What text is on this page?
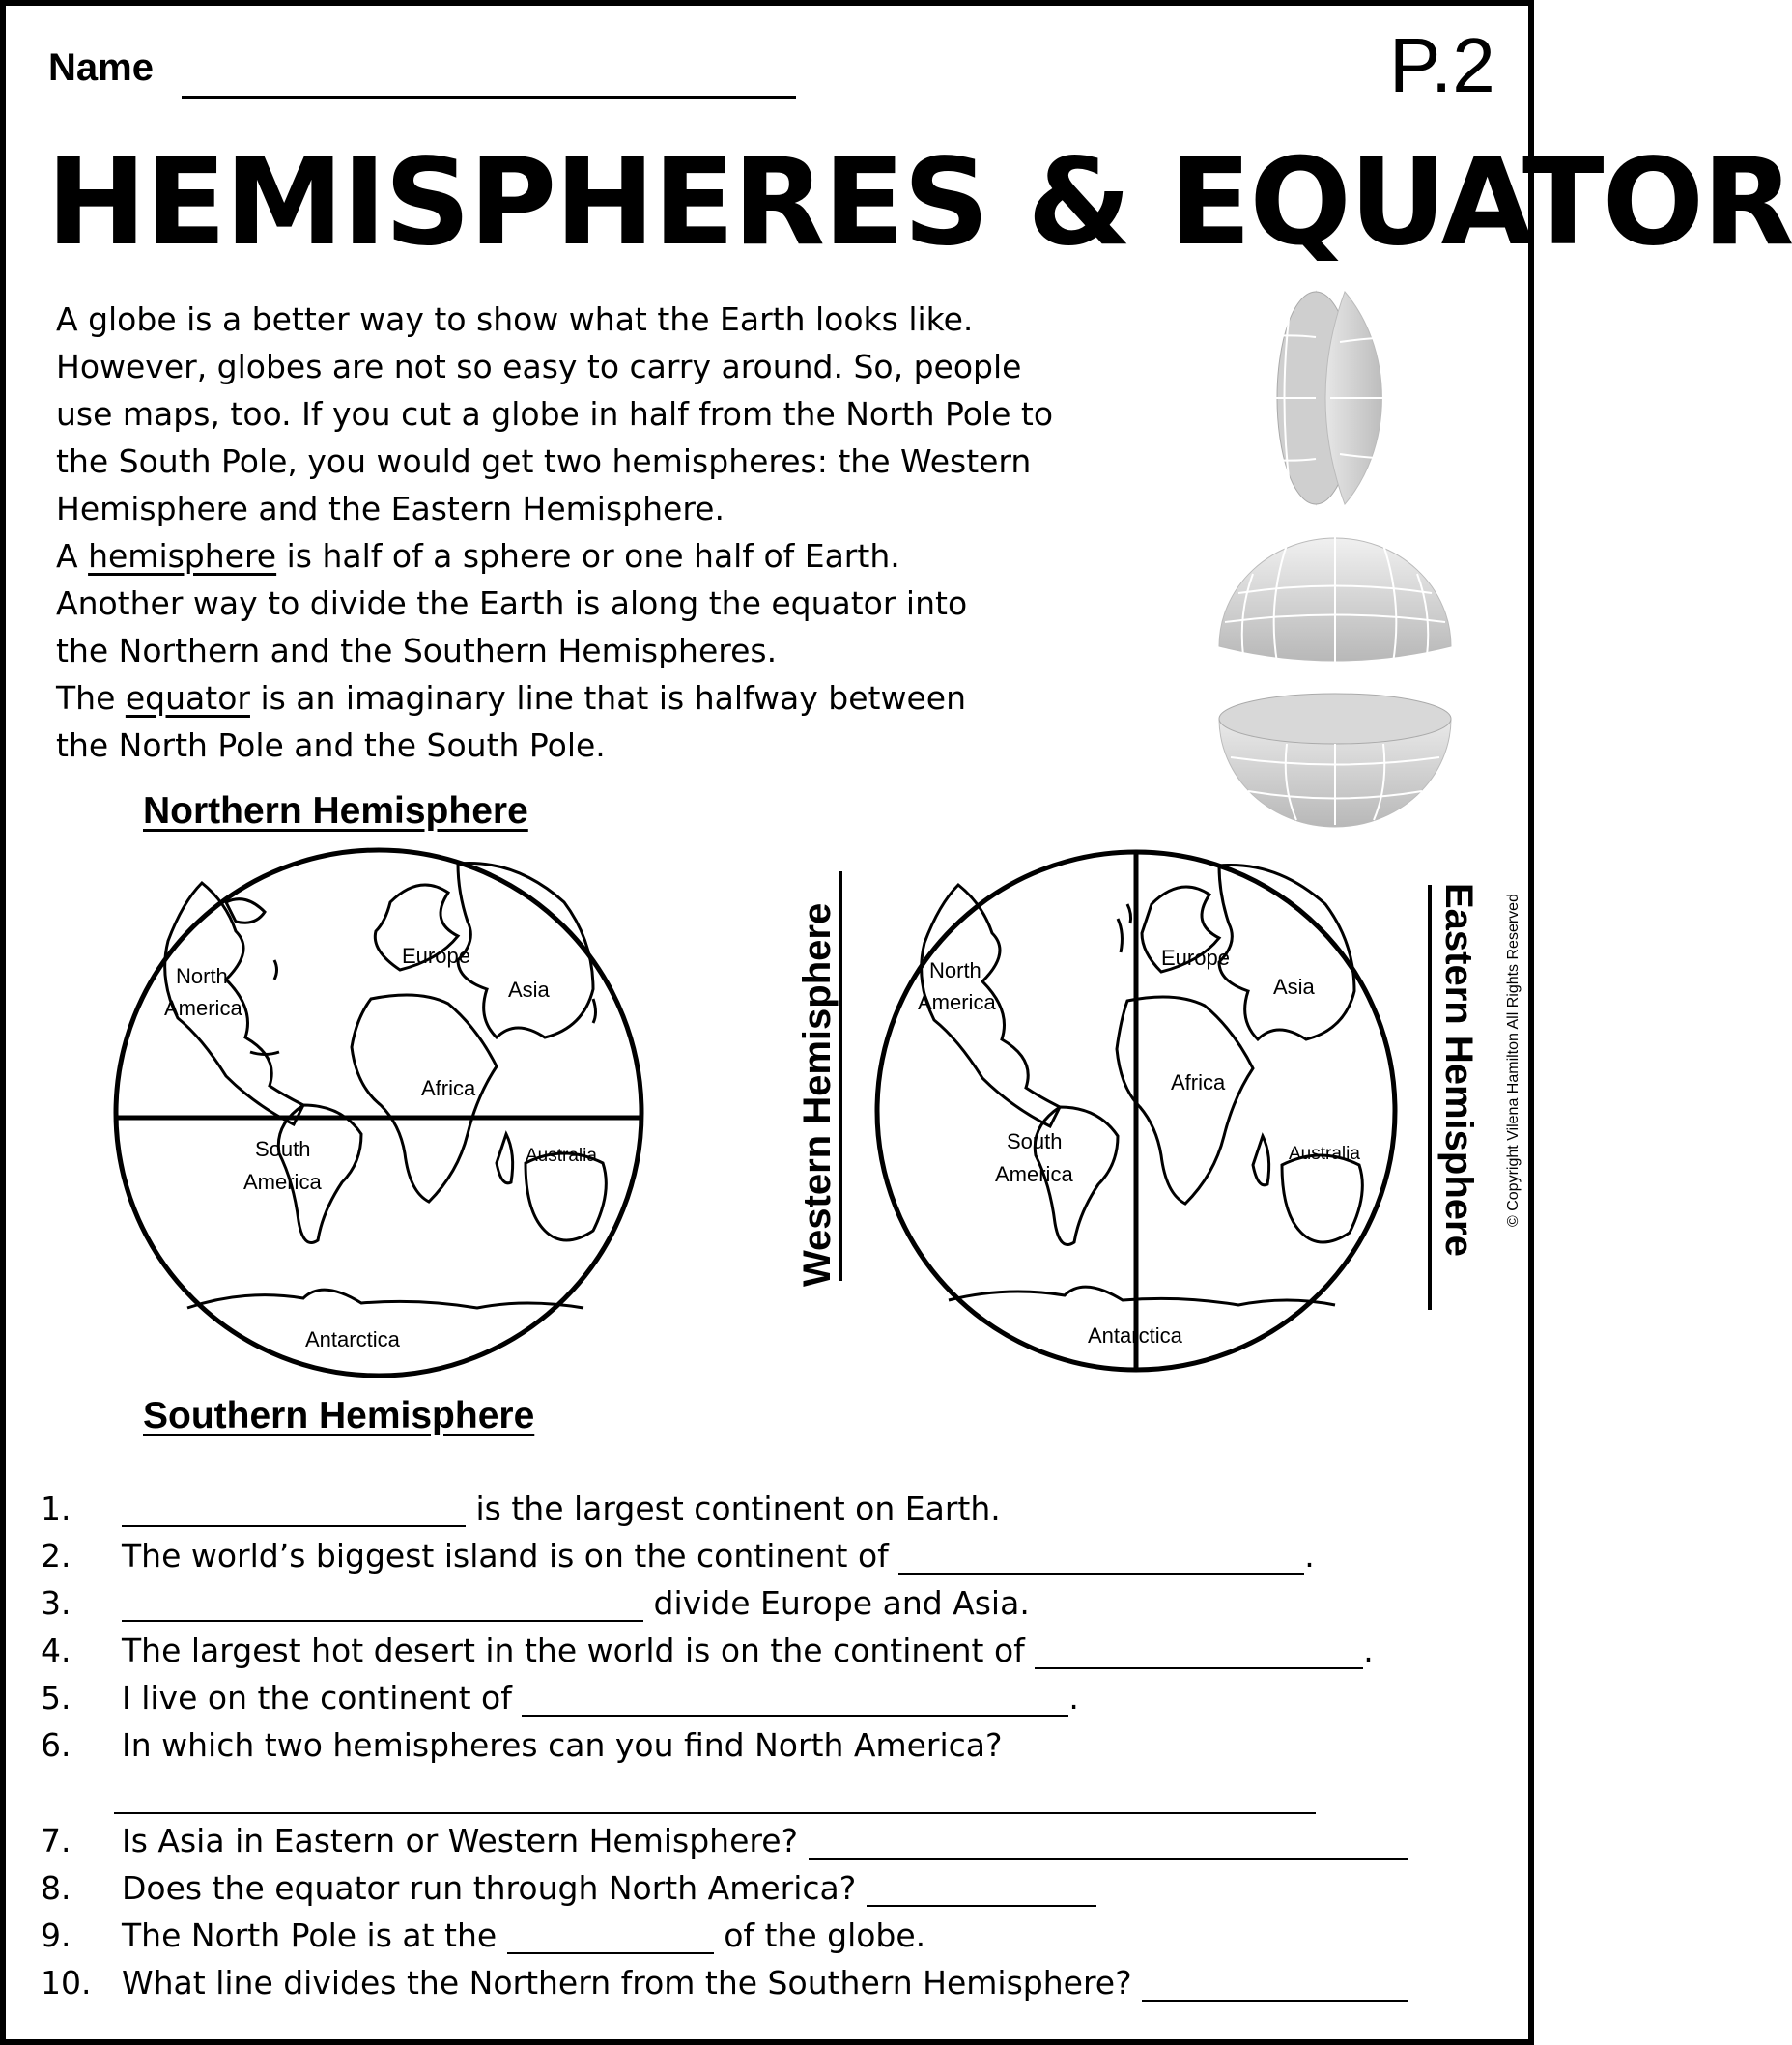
Name	P.2
HEMISPHERES & EQUATOR

A globe is a better way to show what the Earth looks like.

However, globes are not so easy to carry around. So, people

use maps, too. If you cut a globe in half from the North Pole to

the South Pole, you would get two hemispheres: the Western

Hemisphere and the Eastern Hemisphere.

A hemisphere is half of a sphere or one half of Earth.

Another way to divide the Earth is along the equator into

the Northern and the Southern Hemispheres.

The equator is an imaginary line that is halfway between

the North Pole and the South Pole.

Northern Hemisphere
Southern Hemisphere
North
America
Europe
Asia
Africa
South
America
Australia
Antarctica
Western Hemisphere	North
America
Europe
Asia
Africa
South
America
Australia
Antarctica
Eastern Hemisphere © Copyright Vilena Hamilton All Rights Reserved
1.	is the largest continent on Earth.
2. The world’s biggest island is on the continent of	.
3.	divide Europe and Asia.
4. The largest hot desert in the world is on the continent of	.
5. I live on the continent of	.
6. In which two hemispheres can you find North America?
7. Is Asia in Eastern or Western Hemisphere?
8. Does the equator run through North America?
9. The North Pole is at the	of the globe.
10. What line divides the Northern from the Southern Hemisphere?
